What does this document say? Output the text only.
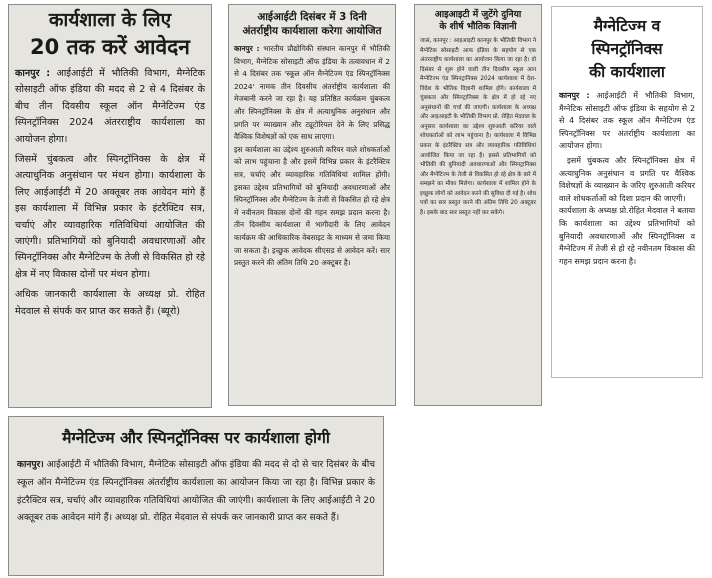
कार्यशाला के लिए
20 तक करें आवेदन

कानपुर : आईआईटी में भौतिकी विभाग, मैग्नेटिक सोसाइटी ऑफ इंडिया की मदद से 2 से 4 दिसंबर के बीच तीन दिवसीय स्कूल ऑन मैग्नेटिज्म एंड स्पिनट्रॉनिक्स 2024 अंतरराष्ट्रीय कार्यशाला का आयोजन होगा।

जिसमें चुंबकत्व और स्पिनट्रॉनिक्स के क्षेत्र में अत्याधुनिक अनुसंधान पर मंथन होगा। कार्यशाला के लिए आईआईटी में 20 अक्तूबर तक आवेदन मांगे हैं इस कार्यशाला में विभिन्न प्रकार के इंटरैक्टिव सत्र, चर्चाएं और व्यावहारिक गतिविधियां आयोजित की जाएंगी। प्रतिभागियों को बुनियादी अवधारणाओं और स्पिनट्रॉनिक्स और मैग्नेटिज्म के तेजी से विकसित हो रहे क्षेत्र में नए विकास दोनों पर मंथन होगा।

अधिक जानकारी कार्यशाला के अध्यक्ष प्रो. रोहित मेदवाल से संपर्क कर प्राप्त कर सकते हैं। (ब्यूरो)

आईआईटी दिसंबर में 3 दिनी
अंतर्राष्ट्रीय कार्यशाला करेगा आयोजित

कानपुर : भारतीय प्रौद्योगिकी संस्थान कानपुर में भौतिकी विभाग, मैग्नेटिक सोसाइटी ऑफ इंडिया के तत्वावधान में 2 से 4 दिसंबर तक 'स्कूल ऑन मैग्नेटिज्म एंड स्पिनट्रॉनिक्स 2024' नामक तीन दिवसीय अंतर्राष्ट्रीय कार्यशाला की मेजबानी करने जा रहा है। यह प्रतिष्ठित कार्यक्रम चुंबकत्व और स्पिनट्रॉनिक्स के क्षेत्र में अत्याधुनिक अनुसंधान और प्रगति पर व्याख्यान और ट्यूटोरियल देने के लिए प्रसिद्ध वैश्विक विशेषज्ञों को एक साथ लाएगा।

इस कार्यशाला का उद्देश्य शुरुआती करियर वाले शोधकर्ताओं को लाभ पहुंचाना है और इसमें विभिन्न प्रकार के इंटरैक्टिव सत्र, चर्चाएं और व्यावहारिक गतिविधियां शामिल होंगी। इसका उद्देश्य प्रतिभागियों को बुनियादी अवधारणाओं और स्पिनट्रॉनिक्स और मैग्नेटिज्म के तेजी से विकसित हो रहे क्षेत्र में नवीनतम विकास दोनों की गहन समझ प्रदान करना है। तीन दिवसीय कार्यशाला में भागीदारी के लिए आवेदन कार्यक्रम की आधिकारिक वेबसाइट के माध्यम से जमा किया जा सकता है। इच्छुक आवेदक सीएसड से आवेदन करें। सार प्रस्तुत करने की अंतिम तिथि 20 अक्टूबर है।

आइआइटी में जुटेंगे दुनिया
के शीर्ष भौतिक विज्ञानी

जासं, कानपुर : आइआइटी कानपुर के भौतिकी विभाग ने मैग्नेटिक सोसाइटी आफ इंडिया के सहयोग से एक अंतरराष्ट्रीय कार्यशाला का आयोजन किया जा रहा है। दो दिसंबर से शुरू होने वाली तीन दिवसीय स्कूल आन मैग्नेटिज्म एंड स्पिनट्रानिक्स 2024 कार्यशाला में देश-विदेश के भौतिक विज्ञानी शामिल होंगे। कार्यशाला में चुंबकत्व और स्पिनट्रानिक्स के क्षेत्र में हो रहे नए अनुसंधानों की चर्चा की जाएगी। कार्यशाला के अध्यक्ष और आइआइटी के भौतिकी विभाग प्रो. रोहित मेदवाल के अनुसार कार्यशाला का उद्देश्य शुरुआती करियर वाले शोधकर्ताओं को लाभ पहुंचाना है। कार्यशाला में विभिन्न प्रकार के इंटरैक्टिव सत्र और व्यावहारिक गतिविधियां आयोजित किया जा रहा है। इससे प्रतिभागियों को भौतिकी की बुनियादी अवधारणाओं और स्पिनट्रानिक्स और मैग्नेटिज्म के तेजी से विकसित हो रहे क्षेत्र के बारे में समझने का मौका मिलेगा। कार्यशाला में शामिल होने के इच्छुक लोगों को आवेदन करने की सुविधा दी गई है। शोध पत्रों का सार प्रस्तुत करने की अंतिम तिथि 20 अक्टूबर है। इसके बाद सार प्रस्तुत नहीं कर सकेंगे।

मैग्नेटिज्म व
स्पिनट्रॉनिक्स
की कार्यशाला

कानपुर : आईआईटी में भौतिकी विभाग, मैग्नेटिक सोसाइटी ऑफ इंडिया के सहयोग से 2 से 4 दिसंबर तक स्कूल ऑन मैग्नेटिज्म एंड स्पिनट्रॉनिक्स पर अंतर्राष्ट्रीय कार्यशाला का आयोजन होगा।

इसमें चुंबकत्व और स्पिनट्रॉनिक्स क्षेत्र में अत्याधुनिक अनुसंधान व प्रगति पर वैश्विक विशेषज्ञों के व्याख्यान के जरिए शुरुआती करियर वाले शोधकर्ताओं को दिशा प्रदान की जाएगी।

कार्यशाला के अध्यक्ष प्रो.रोहित मेदवाल ने बताया कि कार्यशाला का उद्देश्य प्रतिभागियों को बुनियादी अवधारणाओं और स्पिनट्रॉनिक्स व मैग्नेटिज्म में तेजी से हो रहे नवीनतम विकास की गहन समझ प्रदान करना है।

मैग्नेटिज्म और स्पिनट्रॉनिक्स पर कार्यशाला होगी

कानपुर। आईआईटी में भौतिकी विभाग, मैग्नेटिक सोसाइटी ऑफ इंडिया की मदद से दो से चार दिसंबर के बीच स्कूल ऑन मैग्नेटिज्म एंड स्पिनट्रॉनिक्स अंतर्राष्ट्रीय कार्यशाला का आयोजन किया जा रहा है। विभिन्न प्रकार के इंटरैक्टिव सत्र, चर्चाएं और व्यावहारिक गतिविधियां आयोजित की जाएंगी। कार्यशाला के लिए आईआईटी ने 20 अक्तूबर तक आवेदन मांगे हैं। अध्यक्ष प्रो. रोहित मेदवाल से संपर्क कर जानकारी प्राप्त कर सकते हैं।
